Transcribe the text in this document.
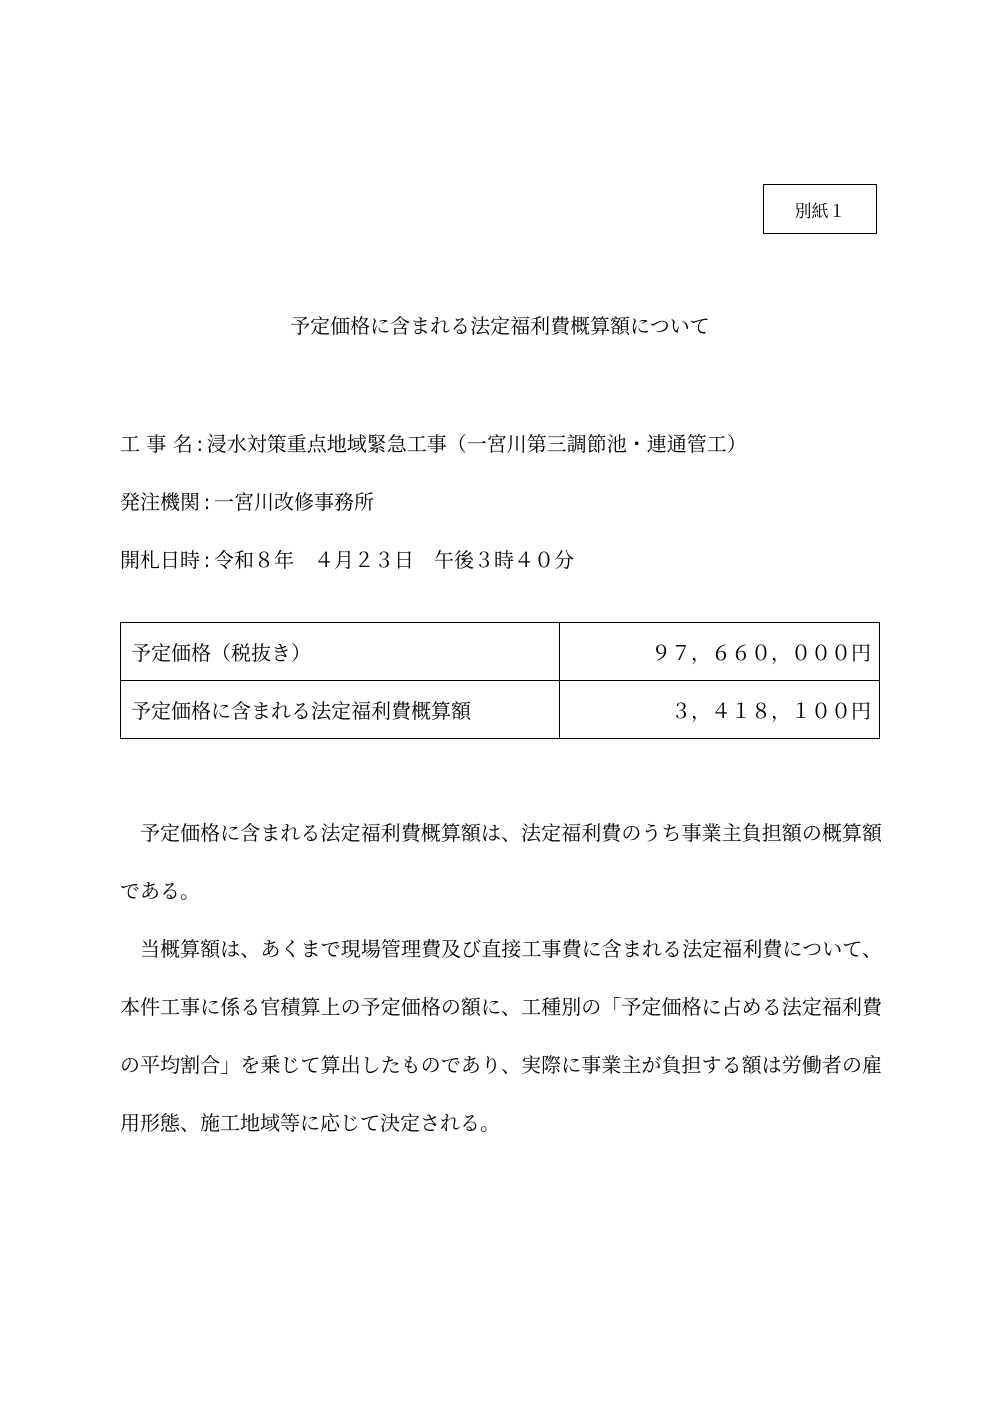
別紙１
予定価格に含まれる法定福利費概算額について
工 事 名 : 浸水対策重点地域緊急工事（一宮川第三調節池・連通管工）
発注機関 : 一宮川改修事務所
開札日時 : 令和８年　４月２３日　午後３時４０分
予定価格（税抜き）	９７，６６０，０００円
予定価格に含まれる法定福利費概算額	３，４１８，１００円

予定価格に含まれる法定福利費概算額は、法定福利費のうち事業主負担額の概算額である。

当概算額は、あくまで現場管理費及び直接工事費に含まれる法定福利費について、本件工事に係る官積算上の予定価格の額に、工種別の「予定価格に占める法定福利費の平均割合」を乗じて算出したものであり、実際に事業主が負担する額は労働者の雇用形態、施工地域等に応じて決定される。
